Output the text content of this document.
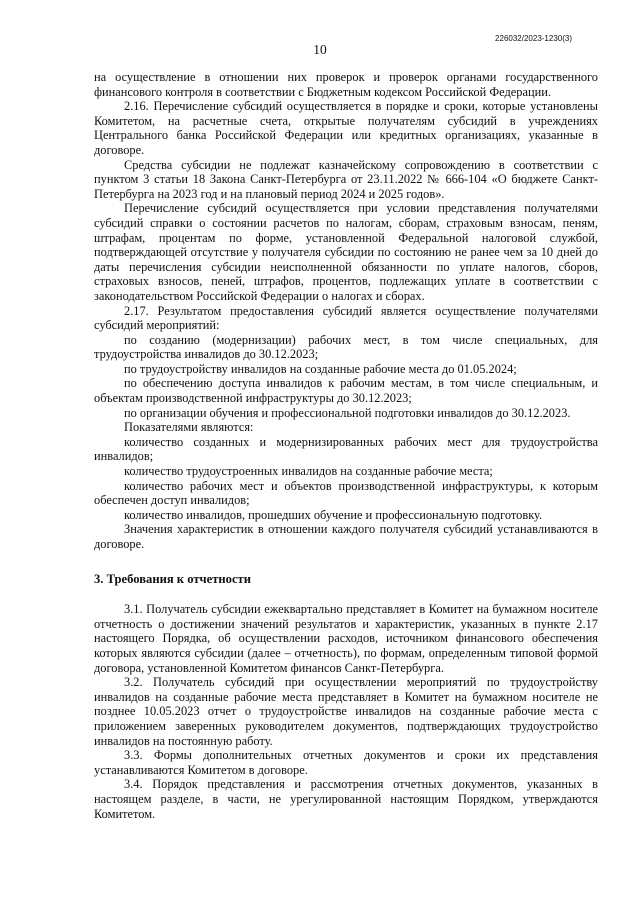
226032/2023-1230(3)
10

на осуществление в отношении них проверок и проверок органами государственного финансового контроля в соответствии с Бюджетным кодексом Российской Федерации.

2.16. Перечисление субсидий осуществляется в порядке и сроки, которые установлены Комитетом, на расчетные счета, открытые получателям субсидий в учреждениях Центрального банка Российской Федерации или кредитных организациях, указанные в договоре.

Средства субсидии не подлежат казначейскому сопровождению в соответствии с пунктом 3 статьи 18 Закона Санкт-Петербурга от 23.11.2022 № 666-104 «О бюджете Санкт-Петербурга на 2023 год и на плановый период 2024 и 2025 годов».

Перечисление субсидий осуществляется при условии представления получателями субсидий справки о состоянии расчетов по налогам, сборам, страховым взносам, пеням, штрафам, процентам по форме, установленной Федеральной налоговой службой, подтверждающей отсутствие у получателя субсидии по состоянию не ранее чем за 10 дней до даты перечисления субсидии неисполненной обязанности по уплате налогов, сборов, страховых взносов, пеней, штрафов, процентов, подлежащих уплате в соответствии с законодательством Российской Федерации о налогах и сборах.

2.17. Результатом предоставления субсидий является осуществление получателями субсидий мероприятий:

по созданию (модернизации) рабочих мест, в том числе специальных, для трудоустройства инвалидов до 30.12.2023;

по трудоустройству инвалидов на созданные рабочие места до 01.05.2024;

по обеспечению доступа инвалидов к рабочим местам, в том числе специальным, и объектам производственной инфраструктуры до 30.12.2023;

по организации обучения и профессиональной подготовки инвалидов до 30.12.2023.

Показателями являются:

количество созданных и модернизированных рабочих мест для трудоустройства инвалидов;

количество трудоустроенных инвалидов на созданные рабочие места;

количество рабочих мест и объектов производственной инфраструктуры, к которым обеспечен доступ инвалидов;

количество инвалидов, прошедших обучение и профессиональную подготовку.

Значения характеристик в отношении каждого получателя субсидий устанавливаются в договоре.

3. Требования к отчетности

3.1. Получатель субсидии ежеквартально представляет в Комитет на бумажном носителе отчетность о достижении значений результатов и характеристик, указанных в пункте 2.17 настоящего Порядка, об осуществлении расходов, источником финансового обеспечения которых являются субсидии (далее – отчетность), по формам, определенным типовой формой договора, установленной Комитетом финансов Санкт-Петербурга.

3.2. Получатель субсидий при осуществлении мероприятий по трудоустройству инвалидов на созданные рабочие места представляет в Комитет на бумажном носителе не позднее 10.05.2023 отчет о трудоустройстве инвалидов на созданные рабочие места с приложением заверенных руководителем документов, подтверждающих трудоустройство инвалидов на постоянную работу.

3.3. Формы дополнительных отчетных документов и сроки их представления устанавливаются Комитетом в договоре.

3.4. Порядок представления и рассмотрения отчетных документов, указанных в настоящем разделе, в части, не урегулированной настоящим Порядком, утверждаются Комитетом.
